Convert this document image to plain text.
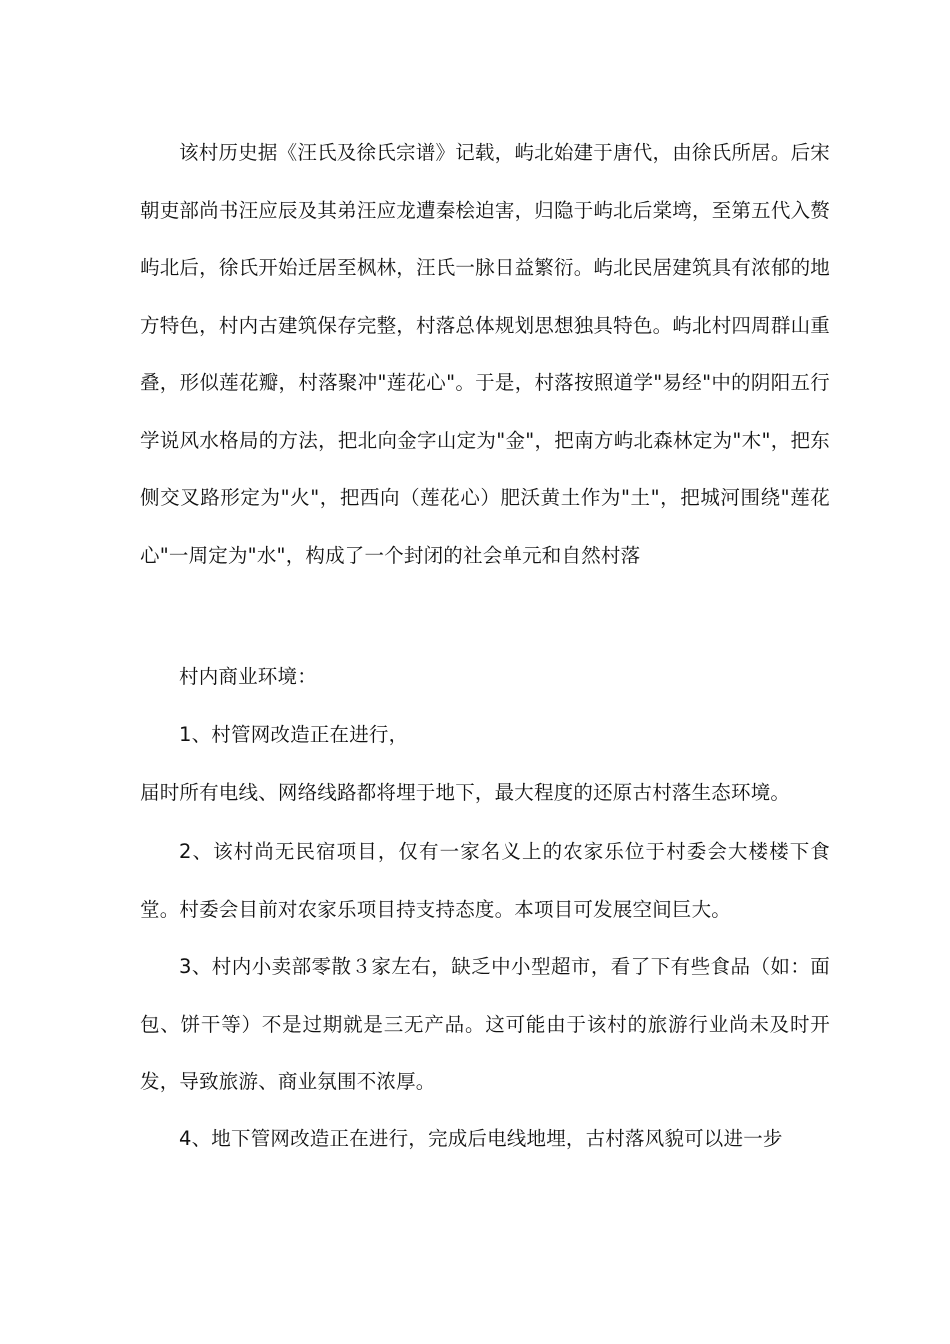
该村历史据《汪氏及徐氏宗谱》记载，屿北始建于唐代，由徐氏所居。后宋朝吏部尚书汪应辰及其弟汪应龙遭秦桧迫害，归隐于屿北后棠塆，至第五代入赘屿北后，徐氏开始迁居至枫林，汪氏一脉日益繁衍。屿北民居建筑具有浓郁的地方特色，村内古建筑保存完整，村落总体规划思想独具特色。屿北村四周群山重叠，形似莲花瓣，村落聚冲"莲花心"。于是，村落按照道学"易经"中的阴阳五行学说风水格局的方法，把北向金字山定为"金"，把南方屿北森林定为"木"，把东侧交叉路形定为"火"，把西向（莲花心）肥沃黄土作为"土"，把城河围绕"莲花心"一周定为"水"，构成了一个封闭的社会单元和自然村落

村内商业环境：

1、村管网改造正在进行，

届时所有电线、网络线路都将埋于地下，最大程度的还原古村落生态环境。

2、该村尚无民宿项目，仅有一家名义上的农家乐位于村委会大楼楼下食堂。村委会目前对农家乐项目持支持态度。本项目可发展空间巨大。

3、村内小卖部零散３家左右，缺乏中小型超市，看了下有些食品（如：面包、饼干等）不是过期就是三无产品。这可能由于该村的旅游行业尚未及时开发，导致旅游、商业氛围不浓厚。

4、地下管网改造正在进行，完成后电线地埋，古村落风貌可以进一步
